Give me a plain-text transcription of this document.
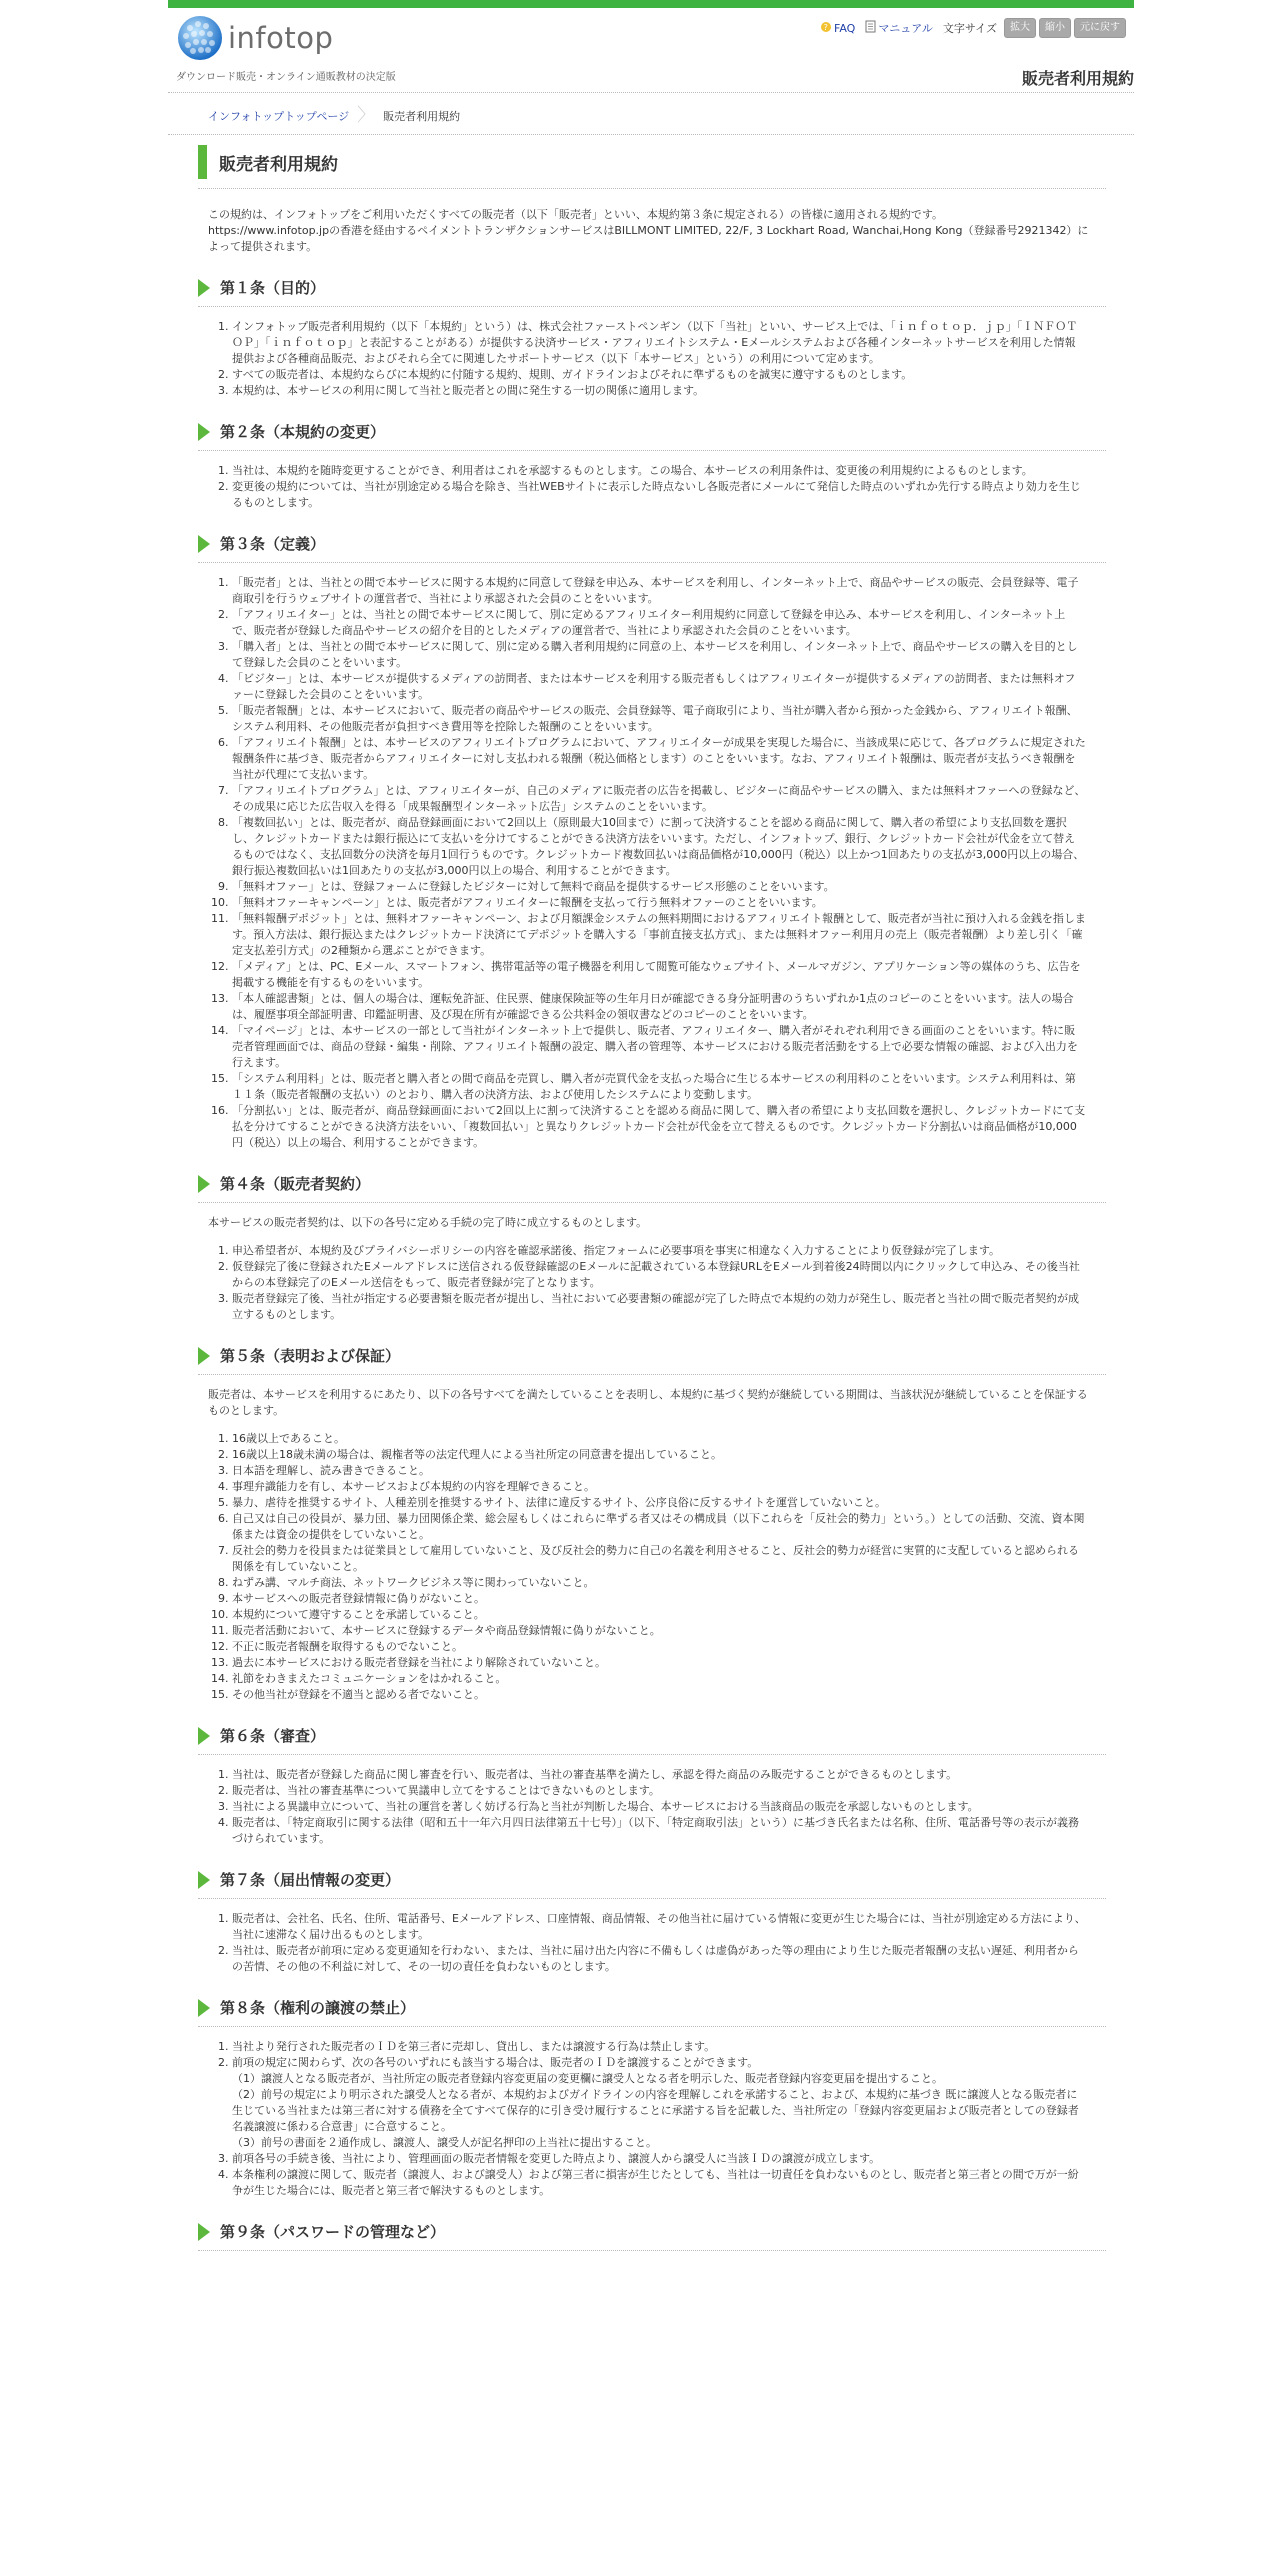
infotop
ダウンロード販売・オンライン通販教材の決定版
? FAQ マニュアル 文字サイズ	拡大	縮小	元に戻す
販売者利用規約
インフォトップトップページ 〉 販売者利用規約
販売者利用規約
この規約は、インフォトップをご利用いただくすべての販売者（以下「販売者」といい、本規約第３条に規定される）の皆様に適用される規約です。
https://www.infotop.jpの香港を経由するペイメントトランザクションサービスはBILLMONT LIMITED, 22/F, 3 Lockhart Road, Wanchai,Hong Kong（登録番号2921342）によって提供されます。
第１条（目的）
1. インフォトップ販売者利用規約（以下「本規約」という）は、株式会社ファーストペンギン（以下「当社」といい、サービス上では、「ｉｎｆｏｔｏｐ．ｊｐ」「ＩＮＦＯＴＯＰ」「ｉｎｆｏｔｏｐ」と表記することがある）が提供する決済サービス・アフィリエイトシステム・Eメールシステムおよび各種インターネットサービスを利用した情報提供および各種商品販売、およびそれら全てに関連したサポートサービス（以下「本サービス」という）の利用について定めます。
2. すべての販売者は、本規約ならびに本規約に付随する規約、規則、ガイドラインおよびそれに準ずるものを誠実に遵守するものとします。
3. 本規約は、本サービスの利用に関して当社と販売者との間に発生する一切の関係に適用します。
第２条（本規約の変更）
1. 当社は、本規約を随時変更することができ、利用者はこれを承認するものとします。この場合、本サービスの利用条件は、変更後の利用規約によるものとします。
2. 変更後の規約については、当社が別途定める場合を除き、当社WEBサイトに表示した時点ないし各販売者にメールにて発信した時点のいずれか先行する時点より効力を生じるものとします。
第３条（定義）
1. 「販売者」とは、当社との間で本サービスに関する本規約に同意して登録を申込み、本サービスを利用し、インターネット上で、商品やサービスの販売、会員登録等、電子商取引を行うウェブサイトの運営者で、当社により承認された会員のことをいいます。
2. 「アフィリエイター」とは、当社との間で本サービスに関して、別に定めるアフィリエイター利用規約に同意して登録を申込み、本サービスを利用し、インターネット上で、販売者が登録した商品やサービスの紹介を目的としたメディアの運営者で、当社により承認された会員のことをいいます。
3. 「購入者」とは、当社との間で本サービスに関して、別に定める購入者利用規約に同意の上、本サービスを利用し、インターネット上で、商品やサービスの購入を目的として登録した会員のことをいいます。
4. 「ビジター」とは、本サービスが提供するメディアの訪問者、または本サービスを利用する販売者もしくはアフィリエイターが提供するメディアの訪問者、または無料オファーに登録した会員のことをいいます。
5. 「販売者報酬」とは、本サービスにおいて、販売者の商品やサービスの販売、会員登録等、電子商取引により、当社が購入者から預かった金銭から、アフィリエイト報酬、システム利用料、その他販売者が負担すべき費用等を控除した報酬のことをいいます。
6. 「アフィリエイト報酬」とは、本サービスのアフィリエイトプログラムにおいて、アフィリエイターが成果を実現した場合に、当該成果に応じて、各プログラムに規定された報酬条件に基づき、販売者からアフィリエイターに対し支払われる報酬（税込価格とします）のことをいいます。なお、アフィリエイト報酬は、販売者が支払うべき報酬を当社が代理にて支払います。
7. 「アフィリエイトプログラム」とは、アフィリエイターが、自己のメディアに販売者の広告を掲載し、ビジターに商品やサービスの購入、または無料オファーへの登録など、その成果に応じた広告収入を得る「成果報酬型インターネット広告」システムのことをいいます。
8. 「複数回払い」とは、販売者が、商品登録画面において2回以上（原則最大10回まで）に割って決済することを認める商品に関して、購入者の希望により支払回数を選択し、クレジットカードまたは銀行振込にて支払いを分けてすることができる決済方法をいいます。ただし、インフォトップ、銀行、クレジットカード会社が代金を立て替えるものではなく、支払回数分の決済を毎月1回行うものです。クレジットカード複数回払いは商品価格が10,000円（税込）以上かつ1回あたりの支払が3,000円以上の場合、銀行振込複数回払いは1回あたりの支払が3,000円以上の場合、利用することができます。
9. 「無料オファー」とは、登録フォームに登録したビジターに対して無料で商品を提供するサービス形態のことをいいます。
10. 「無料オファーキャンペーン」とは、販売者がアフィリエイターに報酬を支払って行う無料オファーのことをいいます。
11. 「無料報酬デポジット」とは、無料オファーキャンペーン、および月額課金システムの無料期間におけるアフィリエイト報酬として、販売者が当社に預け入れる金銭を指します。預入方法は、銀行振込またはクレジットカード決済にてデポジットを購入する「事前直接支払方式」、または無料オファー利用月の売上（販売者報酬）より差し引く「確定支払差引方式」の2種類から選ぶことができます。
12. 「メディア」とは、PC、Eメール、スマートフォン、携帯電話等の電子機器を利用して閲覧可能なウェブサイト、メールマガジン、アプリケーション等の媒体のうち、広告を掲載する機能を有するものをいいます。
13. 「本人確認書類」とは、個人の場合は、運転免許証、住民票、健康保険証等の生年月日が確認できる身分証明書のうちいずれか1点のコピーのことをいいます。法人の場合は、履歴事項全部証明書、印鑑証明書、及び現在所有が確認できる公共料金の領収書などのコピーのことをいいます。
14. 「マイページ」とは、本サービスの一部として当社がインターネット上で提供し、販売者、アフィリエイター、購入者がそれぞれ利用できる画面のことをいいます。特に販売者管理画面では、商品の登録・編集・削除、アフィリエイト報酬の設定、購入者の管理等、本サービスにおける販売者活動をする上で必要な情報の確認、および入出力を行えます。
15. 「システム利用料」とは、販売者と購入者との間で商品を売買し、購入者が売買代金を支払った場合に生じる本サービスの利用料のことをいいます。システム利用料は、第１１条（販売者報酬の支払い）のとおり、購入者の決済方法、および使用したシステムにより変動します。
16. 「分割払い」とは、販売者が、商品登録画面において2回以上に割って決済することを認める商品に関して、購入者の希望により支払回数を選択し、クレジットカードにて支払を分けてすることができる決済方法をいい、「複数回払い」と異なりクレジットカード会社が代金を立て替えるものです。クレジットカード分割払いは商品価格が10,000円（税込）以上の場合、利用することができます。
第４条（販売者契約）
本サービスの販売者契約は、以下の各号に定める手続の完了時に成立するものとします。
1. 申込希望者が、本規約及びプライバシーポリシーの内容を確認承諾後、指定フォームに必要事項を事実に相違なく入力することにより仮登録が完了します。
2. 仮登録完了後に登録されたEメールアドレスに送信される仮登録確認のEメールに記載されている本登録URLをEメール到着後24時間以内にクリックして申込み、その後当社からの本登録完了のEメール送信をもって、販売者登録が完了となります。
3. 販売者登録完了後、当社が指定する必要書類を販売者が提出し、当社において必要書類の確認が完了した時点で本規約の効力が発生し、販売者と当社の間で販売者契約が成立するものとします。
第５条（表明および保証）
販売者は、本サービスを利用するにあたり、以下の各号すべてを満たしていることを表明し、本規約に基づく契約が継続している期間は、当該状況が継続していることを保証するものとします。
1. 16歳以上であること。
2. 16歳以上18歳未満の場合は、親権者等の法定代理人による当社所定の同意書を提出していること。
3. 日本語を理解し、読み書きできること。
4. 事理弁識能力を有し、本サービスおよび本規約の内容を理解できること。
5. 暴力、虐待を推奨するサイト、人種差別を推奨するサイト、法律に違反するサイト、公序良俗に反するサイトを運営していないこと。
6. 自己又は自己の役員が、暴力団、暴力団関係企業、総会屋もしくはこれらに準ずる者又はその構成員（以下これらを「反社会的勢力」という。）としての活動、交流、資本関係または資金の提供をしていないこと。
7. 反社会的勢力を役員または従業員として雇用していないこと、及び反社会的勢力に自己の名義を利用させること、反社会的勢力が経営に実質的に支配していると認められる関係を有していないこと。
8. ねずみ講、マルチ商法、ネットワークビジネス等に関わっていないこと。
9. 本サービスへの販売者登録情報に偽りがないこと。
10. 本規約について遵守することを承諾していること。
11. 販売者活動において、本サービスに登録するデータや商品登録情報に偽りがないこと。
12. 不正に販売者報酬を取得するものでないこと。
13. 過去に本サービスにおける販売者登録を当社により解除されていないこと。
14. 礼節をわきまえたコミュニケーションをはかれること。
15. その他当社が登録を不適当と認める者でないこと。
第６条（審査）
1. 当社は、販売者が登録した商品に関し審査を行い、販売者は、当社の審査基準を満たし、承認を得た商品のみ販売することができるものとします。
2. 販売者は、当社の審査基準について異議申し立てをすることはできないものとします。
3. 当社による異議申立について、当社の運営を著しく妨げる行為と当社が判断した場合、本サービスにおける当該商品の販売を承認しないものとします。
4. 販売者は、「特定商取引に関する法律（昭和五十一年六月四日法律第五十七号）」（以下、「特定商取引法」という）に基づき氏名または名称、住所、電話番号等の表示が義務づけられています。
第７条（届出情報の変更）
1. 販売者は、会社名、氏名、住所、電話番号、Eメールアドレス、口座情報、商品情報、その他当社に届けている情報に変更が生じた場合には、当社が別途定める方法により、当社に速滞なく届け出るものとします。
2. 当社は、販売者が前項に定める変更通知を行わない、または、当社に届け出た内容に不備もしくは虚偽があった等の理由により生じた販売者報酬の支払い遅延、利用者からの苦情、その他の不利益に対して、その一切の責任を負わないものとします。
第８条（権利の譲渡の禁止）
1. 当社より発行された販売者のＩＤを第三者に売却し、貸出し、または譲渡する行為は禁止します。
2. 前項の規定に関わらず、次の各号のいずれにも該当する場合は、販売者のＩＤを譲渡することができます。
（1）譲渡人となる販売者が、当社所定の販売者登録内容変更届の変更欄に譲受人となる者を明示した、販売者登録内容変更届を提出すること。
（2）前号の規定により明示された譲受人となる者が、本規約およびガイドラインの内容を理解しこれを承諾すること、および、本規約に基づき 既に譲渡人となる販売者に生じている当社または第三者に対する債務を全てすべて保存的に引き受け履行することに承諾する旨を記載した、当社所定の「登録内容変更届および販売者としての登録者名義譲渡に係わる合意書」に合意すること。
（3）前号の書面を２通作成し、譲渡人、譲受人が記名押印の上当社に提出すること。
3. 前項各号の手続き後、当社により、管理画面の販売者情報を変更した時点より、譲渡人から譲受人に当該ＩＤの譲渡が成立します。
4. 本条権利の譲渡に関して、販売者（譲渡人、および譲受人）および第三者に損害が生じたとしても、当社は一切責任を負わないものとし、販売者と第三者との間で万が一紛争が生じた場合には、販売者と第三者で解決するものとします。
第９条（パスワードの管理など）
